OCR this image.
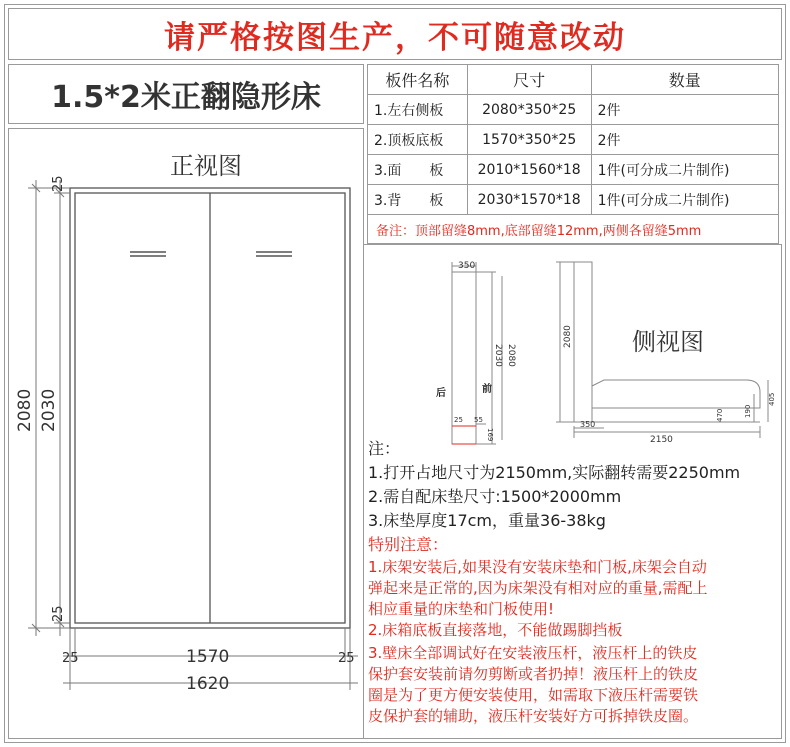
请严格按图生产，不可随意改动
1.5*2米正翻隐形床	板件名称	尺寸	数量
1.左右侧板	2080*350*25	2件
2.顶板底板	1570*350*25	2件
3.面　　板	2010*1560*18	1件(可分成二片制作)
3.背　　板	2030*1570*18	1件(可分成二片制作)
备注：顶部留缝8mm,底部留缝12mm,两侧各留缝5mm
正视图
25
25
2080 2030
25	25
1570
1620
350
2080
2030
后	前
25 55
169
2080
350
2150
405
190
470
侧视图
注：
1.打开占地尺寸为2150mm,实际翻转需要2250mm
2.需自配床垫尺寸:1500*2000mm
3.床垫厚度17cm，重量36-38kg
特别注意：
1.床架安装后,如果没有安装床垫和门板,床架会自动
弹起来是正常的,因为床架没有相对应的重量,需配上
相应重量的床垫和门板使用!
2.床箱底板直接落地，不能做踢脚挡板
3.壁床全部调试好在安装液压杆，液压杆上的铁皮
保护套安装前请勿剪断或者扔掉！液压杆上的铁皮
圈是为了更方便安装使用，如需取下液压杆需要铁
皮保护套的辅助，液压杆安装好方可拆掉铁皮圈。
